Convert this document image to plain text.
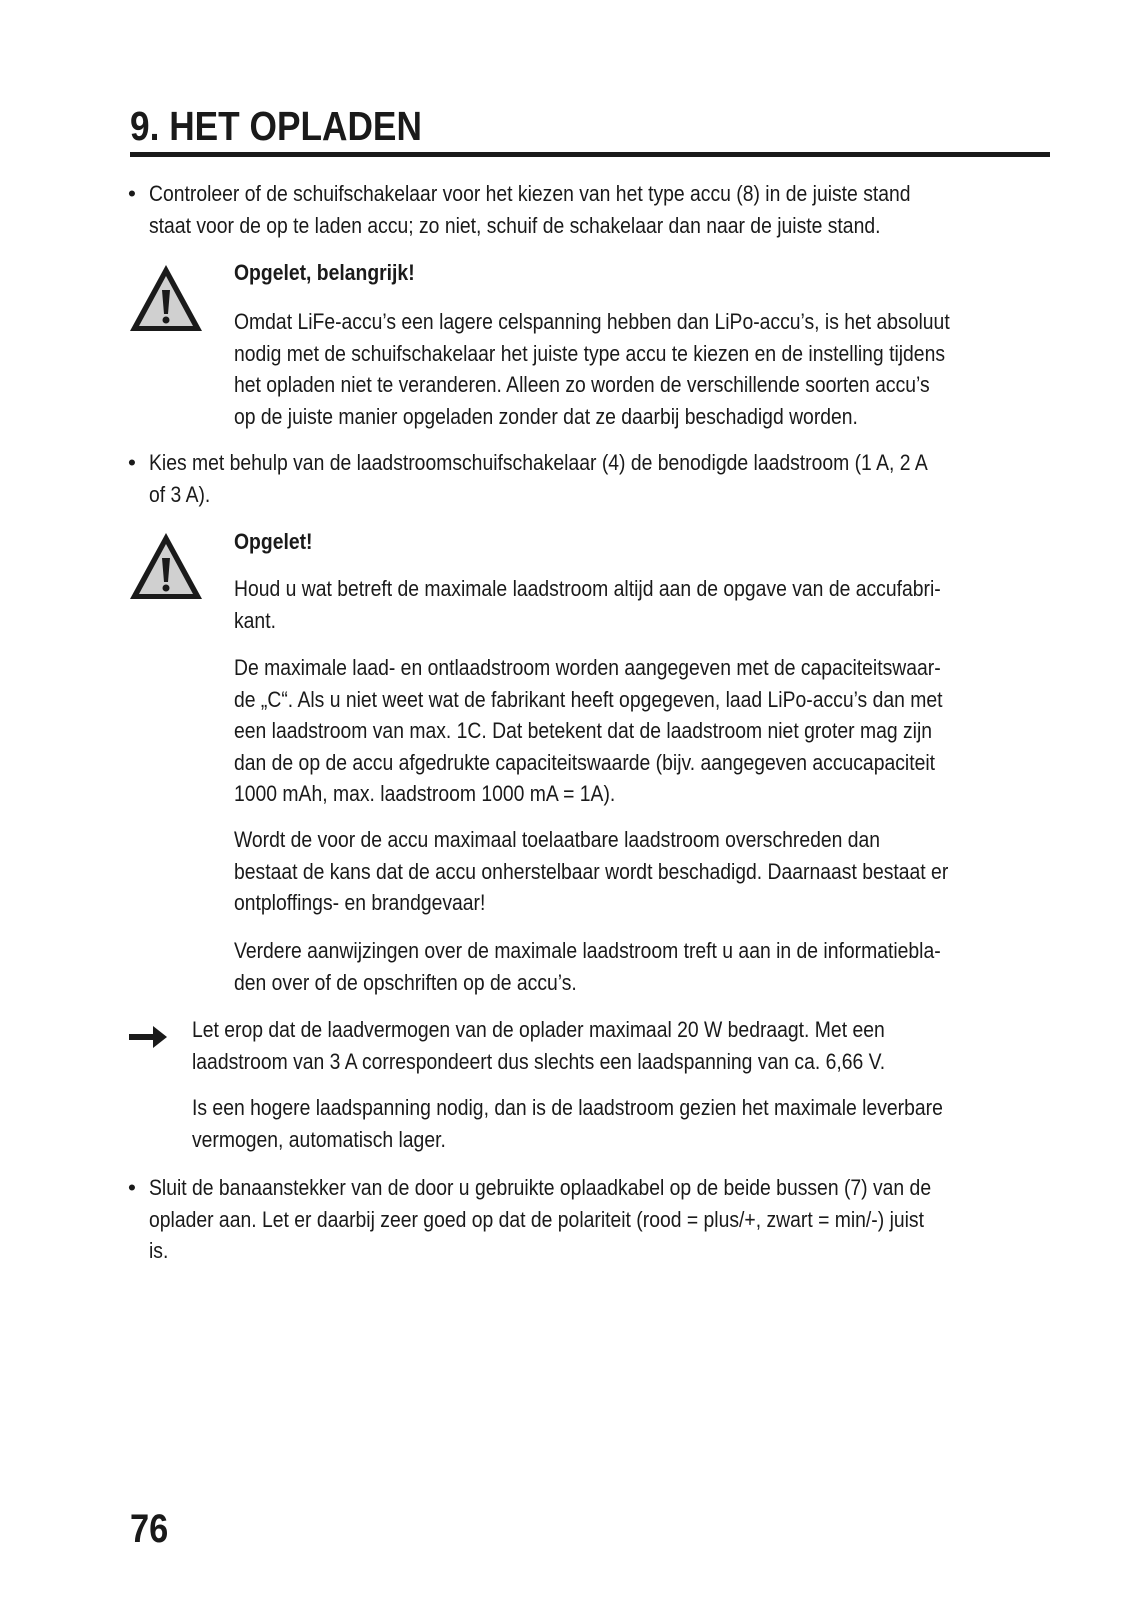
9. HET OPLADEN
• Controleer of de schuifschakelaar voor het kiezen van het type accu (8) in de juiste stand
staat voor de op te laden accu; zo niet, schuif de schakelaar dan naar de juiste stand.
Opgelet, belangrijk!
Omdat LiFe-accu’s een lagere celspanning hebben dan LiPo-accu’s, is het absoluut
nodig met de schuifschakelaar het juiste type accu te kiezen en de instelling tijdens
het opladen niet te veranderen. Alleen zo worden de verschillende soorten accu’s
op de juiste manier opgeladen zonder dat ze daarbij beschadigd worden.
• Kies met behulp van de laadstroomschuifschakelaar (4) de benodigde laadstroom (1 A, 2 A
of 3 A).
Opgelet!
Houd u wat betreft de maximale laadstroom altijd aan de opgave van de accufabri-
kant.
De maximale laad- en ontlaadstroom worden aangegeven met de capaciteitswaar-
de „C“. Als u niet weet wat de fabrikant heeft opgegeven, laad LiPo-accu’s dan met
een laadstroom van max. 1C. Dat betekent dat de laadstroom niet groter mag zijn
dan de op de accu afgedrukte capaciteitswaarde (bijv. aangegeven accucapaciteit
1000 mAh, max. laadstroom 1000 mA = 1A).
Wordt de voor de accu maximaal toelaatbare laadstroom overschreden dan
bestaat de kans dat de accu onherstelbaar wordt beschadigd. Daarnaast bestaat er
ontploffings- en brandgevaar!
Verdere aanwijzingen over de maximale laadstroom treft u aan in de informatiebla-
den over of de opschriften op de accu’s.
Let erop dat de laadvermogen van de oplader maximaal 20 W bedraagt. Met een
laadstroom van 3 A correspondeert dus slechts een laadspanning van ca. 6,66 V.
Is een hogere laadspanning nodig, dan is de laadstroom gezien het maximale leverbare
vermogen, automatisch lager.
• Sluit de banaanstekker van de door u gebruikte oplaadkabel op de beide bussen (7) van de
oplader aan. Let er daarbij zeer goed op dat de polariteit (rood = plus/+, zwart = min/-) juist
is.
76
